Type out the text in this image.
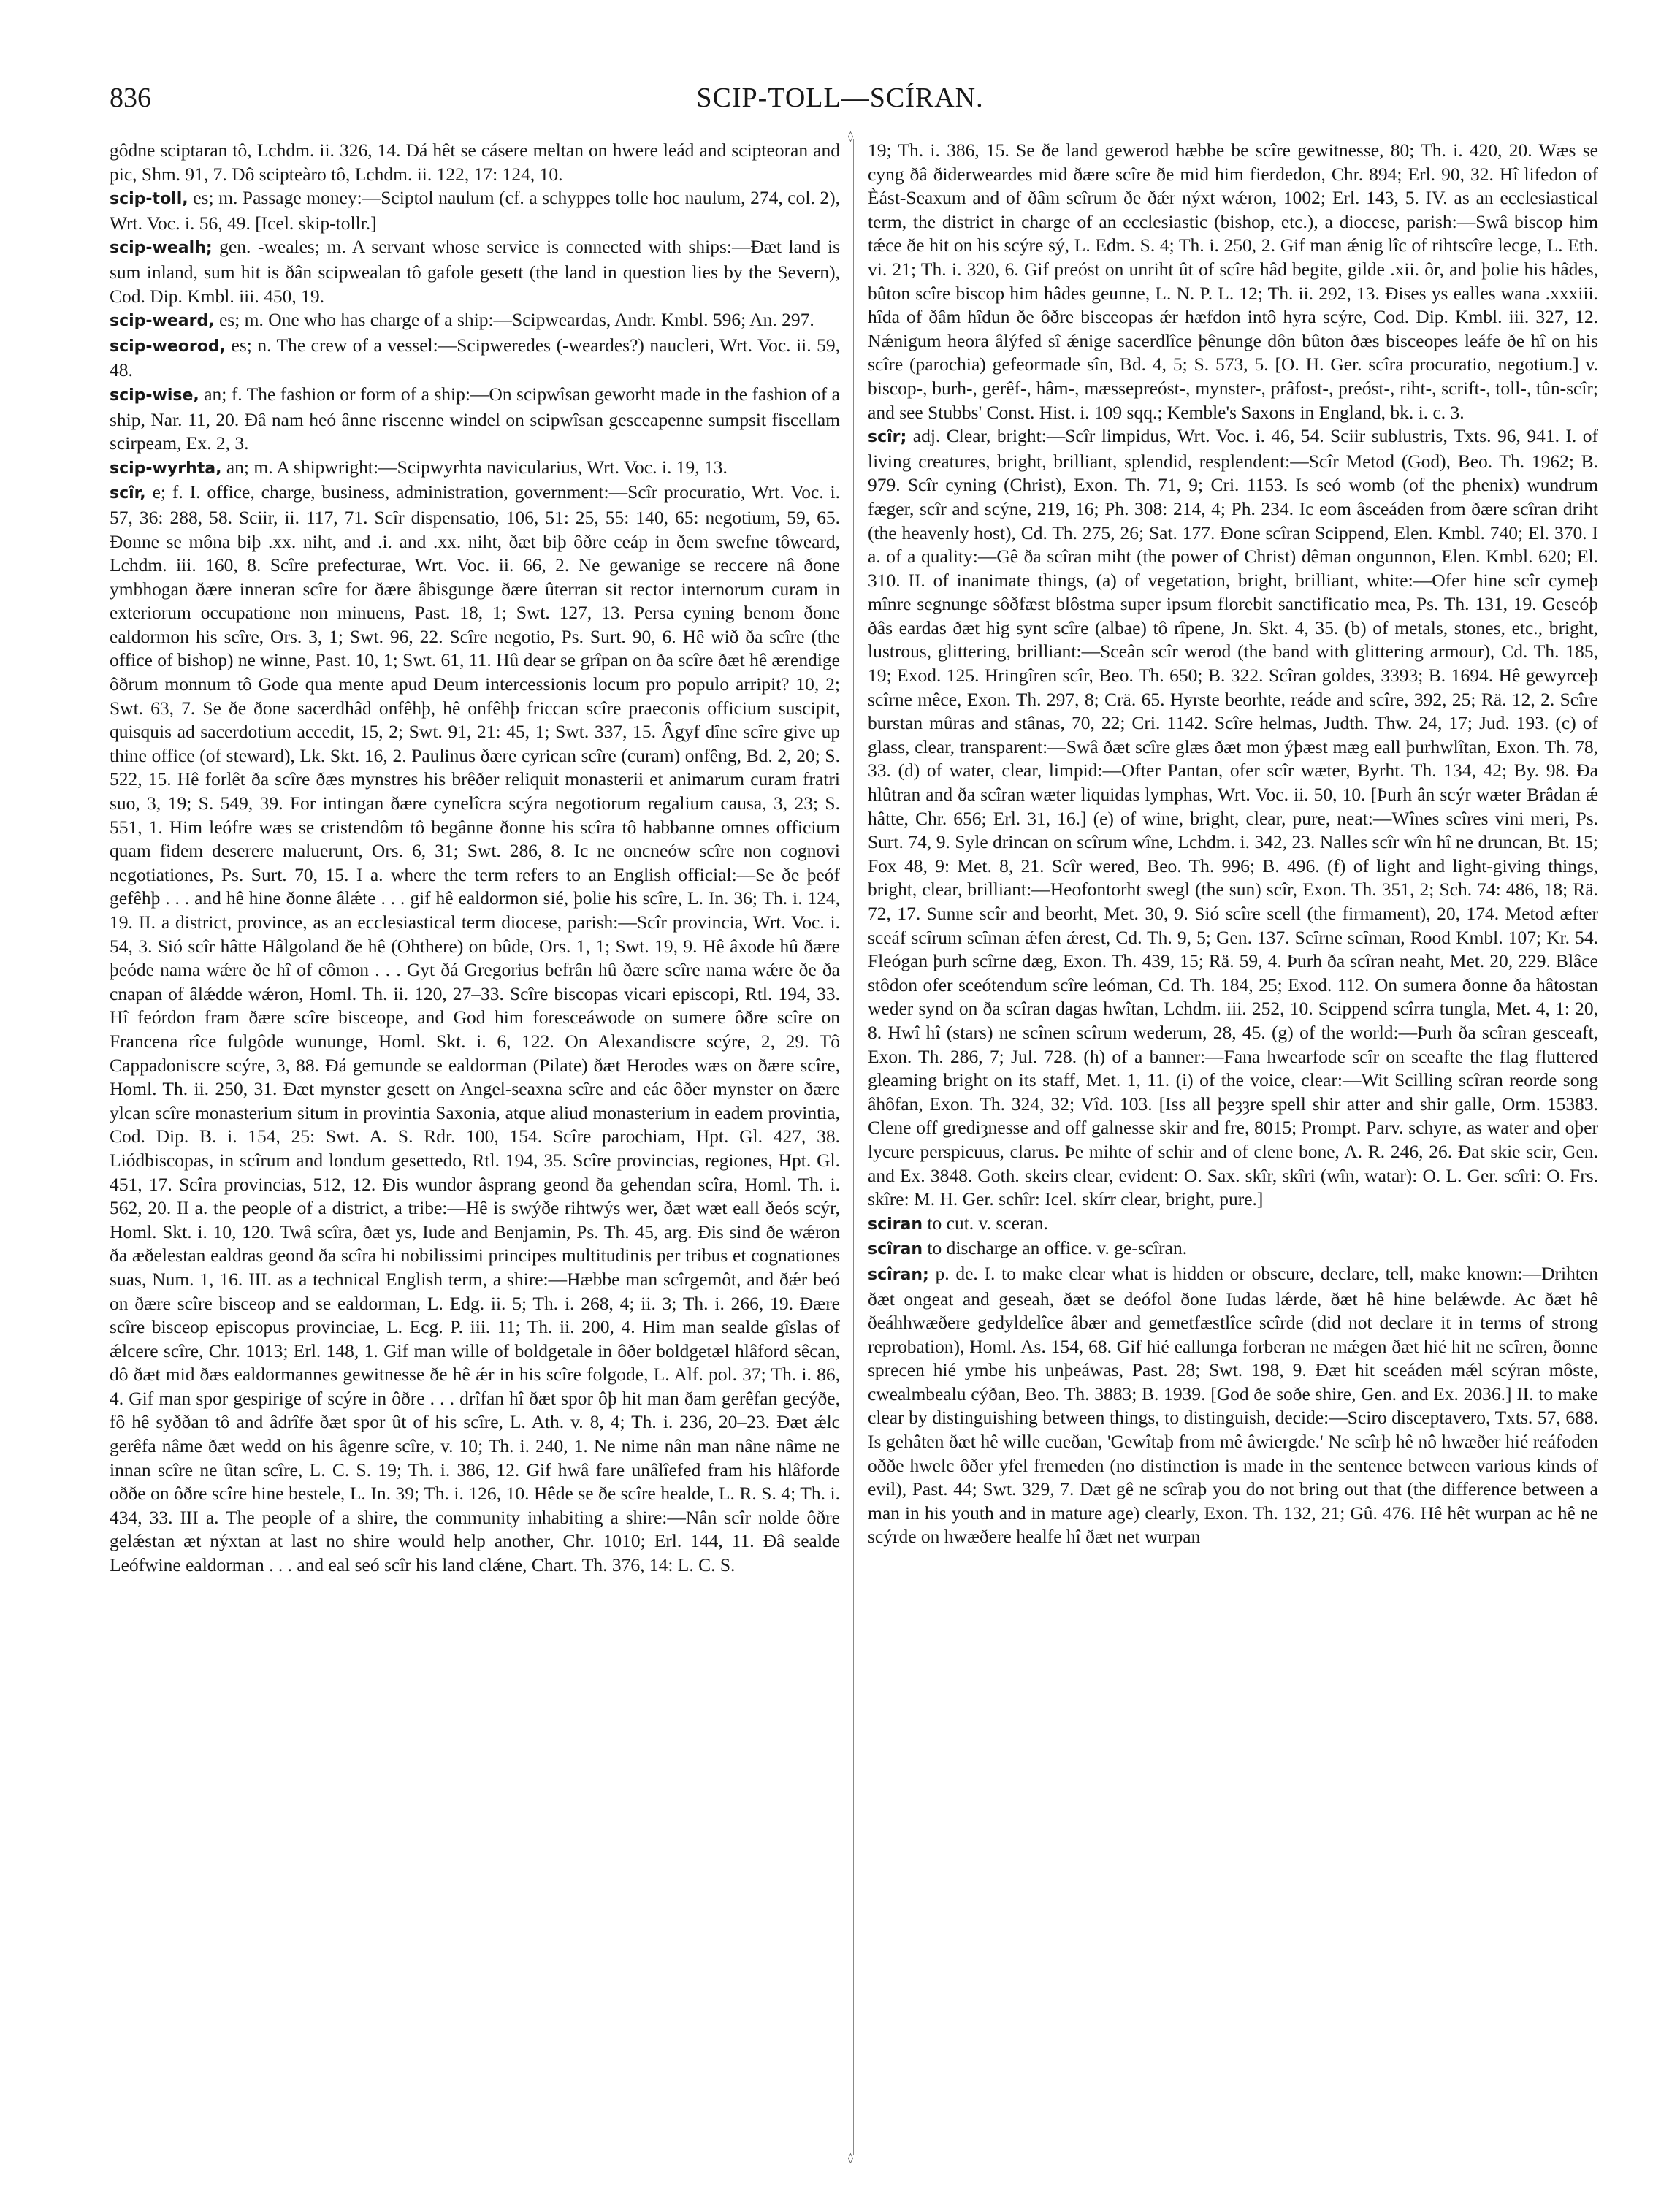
836	SCIP-TOLL—SCÍRAN.

gôdne sciptaran tô, Lchdm. ii. 326, 14. Ðá hêt se cásere meltan on hwere leád and scipteoran and pic, Shm. 91, 7. Dô scipteàro tô, Lchdm. ii. 122, 17: 124, 10.

scip-toll, es; m. Passage money:—Sciptol naulum (cf. a schyppes tolle hoc naulum, 274, col. 2), Wrt. Voc. i. 56, 49. [Icel. skip-tollr.]

scip-wealh; gen. -weales; m. A servant whose service is connected with ships:—Ðæt land is sum inland, sum hit is ðân scipwealan tô gafole gesett (the land in question lies by the Severn), Cod. Dip. Kmbl. iii. 450, 19.

scip-weard, es; m. One who has charge of a ship:—Scipweardas, Andr. Kmbl. 596; An. 297.

scip-weorod, es; n. The crew of a vessel:—Scipweredes (-weardes?) naucleri, Wrt. Voc. ii. 59, 48.

scip-wise, an; f. The fashion or form of a ship:—On scipwîsan geworht made in the fashion of a ship, Nar. 11, 20. Ðâ nam heó ânne riscenne windel on scipwîsan gesceapenne sumpsit fiscellam scirpeam, Ex. 2, 3.

scip-wyrhta, an; m. A shipwright:—Scipwyrhta navicularius, Wrt. Voc. i. 19, 13.

scîr, e; f. I. office, charge, business, administration, government:—Scîr procuratio, Wrt. Voc. i. 57, 36: 288, 58. Sciir, ii. 117, 71. Scîr dispensatio, 106, 51: 25, 55: 140, 65: negotium, 59, 65. Ðonne se môna biþ .xx. niht, and .i. and .xx. niht, ðæt biþ ôðre ceáp in ðem swefne tôweard, Lchdm. iii. 160, 8. Scîre prefecturae, Wrt. Voc. ii. 66, 2. Ne gewanige se reccere nâ ðone ymbhogan ðære inneran scîre for ðære âbisgunge ðære ûterran sit rector internorum curam in exteriorum occupatione non minuens, Past. 18, 1; Swt. 127, 13. Persa cyning benom ðone ealdormon his scîre, Ors. 3, 1; Swt. 96, 22. Scîre negotio, Ps. Surt. 90, 6. Hê wið ða scîre (the office of bishop) ne winne, Past. 10, 1; Swt. 61, 11. Hû dear se grîpan on ða scîre ðæt hê ærendige ôðrum monnum tô Gode qua mente apud Deum intercessionis locum pro populo arripit? 10, 2; Swt. 63, 7. Se ðe ðone sacerdhâd onfêhþ, hê onfêhþ friccan scîre praeconis officium suscipit, quisquis ad sacerdotium accedit, 15, 2; Swt. 91, 21: 45, 1; Swt. 337, 15. Âgyf dîne scîre give up thine office (of steward), Lk. Skt. 16, 2. Paulinus ðære cyrican scîre (curam) onfêng, Bd. 2, 20; S. 522, 15. Hê forlêt ða scîre ðæs mynstres his brêðer reliquit monasterii et animarum curam fratri suo, 3, 19; S. 549, 39. For intingan ðære cynelîcra scýra negotiorum regalium causa, 3, 23; S. 551, 1. Him leófre wæs se cristendôm tô begânne ðonne his scîra tô habbanne omnes officium quam fidem deserere maluerunt, Ors. 6, 31; Swt. 286, 8. Ic ne oncneów scîre non cognovi negotiationes, Ps. Surt. 70, 15. I a. where the term refers to an English official:—Se ðe þeóf gefêhþ . . . and hê hine ðonne âlǽte . . . gif hê ealdormon sié, þolie his scîre, L. In. 36; Th. i. 124, 19. II. a district, province, as an ecclesiastical term diocese, parish:—Scîr provincia, Wrt. Voc. i. 54, 3. Sió scîr hâtte Hâlgoland ðe hê (Ohthere) on bûde, Ors. 1, 1; Swt. 19, 9. Hê âxode hû ðære þeóde nama wǽre ðe hî of cômon . . . Gyt ðá Gregorius befrân hû ðære scîre nama wǽre ðe ða cnapan of âlǽdde wǽron, Homl. Th. ii. 120, 27–33. Scîre biscopas vicari episcopi, Rtl. 194, 33. Hî feórdon fram ðære scîre bisceope, and God him foresceáwode on sumere ôðre scîre on Francena rîce fulgôde wununge, Homl. Skt. i. 6, 122. On Alexandiscre scýre, 2, 29. Tô Cappadoniscre scýre, 3, 88. Ðá gemunde se ealdorman (Pilate) ðæt Herodes wæs on ðære scîre, Homl. Th. ii. 250, 31. Ðæt mynster gesett on Angel-seaxna scîre and eác ôðer mynster on ðære ylcan scîre monasterium situm in provintia Saxonia, atque aliud monasterium in eadem provintia, Cod. Dip. B. i. 154, 25: Swt. A. S. Rdr. 100, 154. Scîre parochiam, Hpt. Gl. 427, 38. Liódbiscopas, in scîrum and londum gesettedo, Rtl. 194, 35. Scîre provincias, regiones, Hpt. Gl. 451, 17. Scîra provincias, 512, 12. Ðis wundor âsprang geond ða gehendan scîra, Homl. Th. i. 562, 20. II a. the people of a district, a tribe:—Hê is swýðe rihtwýs wer, ðæt wæt eall ðeós scýr, Homl. Skt. i. 10, 120. Twâ scîra, ðæt ys, Iude and Benjamin, Ps. Th. 45, arg. Ðis sind ðe wǽron ða æðelestan ealdras geond ða scîra hi nobilissimi principes multitudinis per tribus et cognationes suas, Num. 1, 16. III. as a technical English term, a shire:—Hæbbe man scîrgemôt, and ðǽr beó on ðære scîre bisceop and se ealdorman, L. Edg. ii. 5; Th. i. 268, 4; ii. 3; Th. i. 266, 19. Ðære scîre bisceop episcopus provinciae, L. Ecg. P. iii. 11; Th. ii. 200, 4. Him man sealde gîslas of ǽlcere scîre, Chr. 1013; Erl. 148, 1. Gif man wille of boldgetale in ôðer boldgetæl hlâford sêcan, dô ðæt mid ðæs ealdormannes gewitnesse ðe hê ǽr in his scîre folgode, L. Alf. pol. 37; Th. i. 86, 4. Gif man spor gespirige of scýre in ôðre . . . drîfan hî ðæt spor ôþ hit man ðam gerêfan gecýðe, fô hê syððan tô and âdrîfe ðæt spor ût of his scîre, L. Ath. v. 8, 4; Th. i. 236, 20–23. Ðæt ǽlc gerêfa nâme ðæt wedd on his âgenre scîre, v. 10; Th. i. 240, 1. Ne nime nân man nâne nâme ne innan scîre ne ûtan scîre, L. C. S. 19; Th. i. 386, 12. Gif hwâ fare unâlîefed fram his hlâforde oððe on ôðre scîre hine bestele, L. In. 39; Th. i. 126, 10. Hêde se ðe scîre healde, L. R. S. 4; Th. i. 434, 33. III a. The people of a shire, the community inhabiting a shire:—Nân scîr nolde ôðre gelǽstan æt nýxtan at last no shire would help another, Chr. 1010; Erl. 144, 11. Ðâ sealde Leófwine ealdorman . . . and eal seó scîr his land clǽne, Chart. Th. 376, 14: L. C. S.

◊
◊

19; Th. i. 386, 15. Se ðe land gewerod hæbbe be scîre gewitnesse, 80; Th. i. 420, 20. Wæs se cyng ðâ ðiderweardes mid ðære scîre ðe mid him fierdedon, Chr. 894; Erl. 90, 32. Hî lifedon of Èást-Seaxum and of ðâm scîrum ðe ðǽr nýxt wǽron, 1002; Erl. 143, 5. IV. as an ecclesiastical term, the district in charge of an ecclesiastic (bishop, etc.), a diocese, parish:—Swâ biscop him tǽce ðe hit on his scýre sý, L. Edm. S. 4; Th. i. 250, 2. Gif man ǽnig lîc of rihtscîre lecge, L. Eth. vi. 21; Th. i. 320, 6. Gif preóst on unriht ût of scîre hâd begite, gilde .xii. ôr, and þolie his hâdes, bûton scîre biscop him hâdes geunne, L. N. P. L. 12; Th. ii. 292, 13. Ðises ys ealles wana .xxxiii. hîda of ðâm hîdun ðe ôðre bisceopas ǽr hæfdon intô hyra scýre, Cod. Dip. Kmbl. iii. 327, 12. Nǽnigum heora âlýfed sî ǽnige sacerdlîce þênunge dôn bûton ðæs bisceopes leáfe ðe hî on his scîre (parochia) gefeormade sîn, Bd. 4, 5; S. 573, 5. [O. H. Ger. scîra procuratio, negotium.] v. biscop-, burh-, gerêf-, hâm-, mæssepreóst-, mynster-, prâfost-, preóst-, riht-, scrift-, toll-, tûn-scîr; and see Stubbs' Const. Hist. i. 109 sqq.; Kemble's Saxons in England, bk. i. c. 3.

scîr; adj. Clear, bright:—Scîr limpidus, Wrt. Voc. i. 46, 54. Sciir sublustris, Txts. 96, 941. I. of living creatures, bright, brilliant, splendid, resplendent:—Scîr Metod (God), Beo. Th. 1962; B. 979. Scîr cyning (Christ), Exon. Th. 71, 9; Cri. 1153. Is seó womb (of the phenix) wundrum fæger, scîr and scýne, 219, 16; Ph. 308: 214, 4; Ph. 234. Ic eom âsceáden from ðære scîran driht (the heavenly host), Cd. Th. 275, 26; Sat. 177. Ðone scîran Scippend, Elen. Kmbl. 740; El. 370. I a. of a quality:—Gê ða scîran miht (the power of Christ) dêman ongunnon, Elen. Kmbl. 620; El. 310. II. of inanimate things, (a) of vegetation, bright, brilliant, white:—Ofer hine scîr cymeþ mînre segnunge sôðfæst blôstma super ipsum florebit sanctificatio mea, Ps. Th. 131, 19. Geseóþ ðâs eardas ðæt hig synt scîre (albae) tô rîpene, Jn. Skt. 4, 35. (b) of metals, stones, etc., bright, lustrous, glittering, brilliant:—Sceân scîr werod (the band with glittering armour), Cd. Th. 185, 19; Exod. 125. Hringîren scîr, Beo. Th. 650; B. 322. Scîran goldes, 3393; B. 1694. Hê gewyrceþ scîrne mêce, Exon. Th. 297, 8; Crä. 65. Hyrste beorhte, reáde and scîre, 392, 25; Rä. 12, 2. Scîre burstan mûras and stânas, 70, 22; Cri. 1142. Scîre helmas, Judth. Thw. 24, 17; Jud. 193. (c) of glass, clear, transparent:—Swâ ðæt scîre glæs ðæt mon ýþæst mæg eall þurhwlîtan, Exon. Th. 78, 33. (d) of water, clear, limpid:—Ofter Pantan, ofer scîr wæter, Byrht. Th. 134, 42; By. 98. Ða hlûtran and ða scîran wæter liquidas lymphas, Wrt. Voc. ii. 50, 10. [Þurh ân scýr wæter Brâdan ǽ hâtte, Chr. 656; Erl. 31, 16.] (e) of wine, bright, clear, pure, neat:—Wînes scîres vini meri, Ps. Surt. 74, 9. Syle drincan on scîrum wîne, Lchdm. i. 342, 23. Nalles scîr wîn hî ne druncan, Bt. 15; Fox 48, 9: Met. 8, 21. Scîr wered, Beo. Th. 996; B. 496. (f) of light and light-giving things, bright, clear, brilliant:—Heofontorht swegl (the sun) scîr, Exon. Th. 351, 2; Sch. 74: 486, 18; Rä. 72, 17. Sunne scîr and beorht, Met. 30, 9. Sió scîre scell (the firmament), 20, 174. Metod æfter sceáf scîrum scîman ǽfen ǽrest, Cd. Th. 9, 5; Gen. 137. Scîrne scîman, Rood Kmbl. 107; Kr. 54. Fleógan þurh scîrne dæg, Exon. Th. 439, 15; Rä. 59, 4. Þurh ða scîran neaht, Met. 20, 229. Blâce stôdon ofer sceótendum scîre leóman, Cd. Th. 184, 25; Exod. 112. On sumera ðonne ða hâtostan weder synd on ða scîran dagas hwîtan, Lchdm. iii. 252, 10. Scippend scîrra tungla, Met. 4, 1: 20, 8. Hwî hî (stars) ne scînen scîrum wederum, 28, 45. (g) of the world:—Þurh ða scîran gesceaft, Exon. Th. 286, 7; Jul. 728. (h) of a banner:—Fana hwearfode scîr on sceafte the flag fluttered gleaming bright on its staff, Met. 1, 11. (i) of the voice, clear:—Wit Scilling scîran reorde song âhôfan, Exon. Th. 324, 32; Vîd. 103. [Iss all þeȝȝre spell shir atter and shir galle, Orm. 15383. Clene off grediȝnesse and off galnesse skir and fre, 8015; Prompt. Parv. schyre, as water and oþer lycure perspicuus, clarus. Þe mihte of schir and of clene bone, A. R. 246, 26. Ðat skie scir, Gen. and Ex. 3848. Goth. skeirs clear, evident: O. Sax. skîr, skîri (wîn, watar): O. L. Ger. scîri: O. Frs. skîre: M. H. Ger. schîr: Icel. skírr clear, bright, pure.]

sciran to cut. v. sceran.

scîran to discharge an office. v. ge-scîran.

scîran; p. de. I. to make clear what is hidden or obscure, declare, tell, make known:—Drihten ðæt ongeat and geseah, ðæt se deófol ðone Iudas lǽrde, ðæt hê hine belǽwde. Ac ðæt hê ðeáhhwæðere gedyldelîce âbær and gemetfæstlîce scîrde (did not declare it in terms of strong reprobation), Homl. As. 154, 68. Gif hié eallunga forberan ne mǽgen ðæt hié hit ne scîren, ðonne sprecen hié ymbe his unþeáwas, Past. 28; Swt. 198, 9. Ðæt hit sceáden mǽl scýran môste, cwealmbealu cýðan, Beo. Th. 3883; B. 1939. [God ðe soðe shire, Gen. and Ex. 2036.] II. to make clear by distinguishing between things, to distinguish, decide:—Sciro disceptavero, Txts. 57, 688. Is gehâten ðæt hê wille cueðan, 'Gewîtaþ from mê âwiergde.' Ne scîrþ hê nô hwæðer hié reáfoden oððe hwelc ôðer yfel fremeden (no distinction is made in the sentence between various kinds of evil), Past. 44; Swt. 329, 7. Ðæt gê ne scîraþ you do not bring out that (the difference between a man in his youth and in mature age) clearly, Exon. Th. 132, 21; Gû. 476. Hê hêt wurpan ac hê ne scýrde on hwæðere healfe hî ðæt net wurpan
